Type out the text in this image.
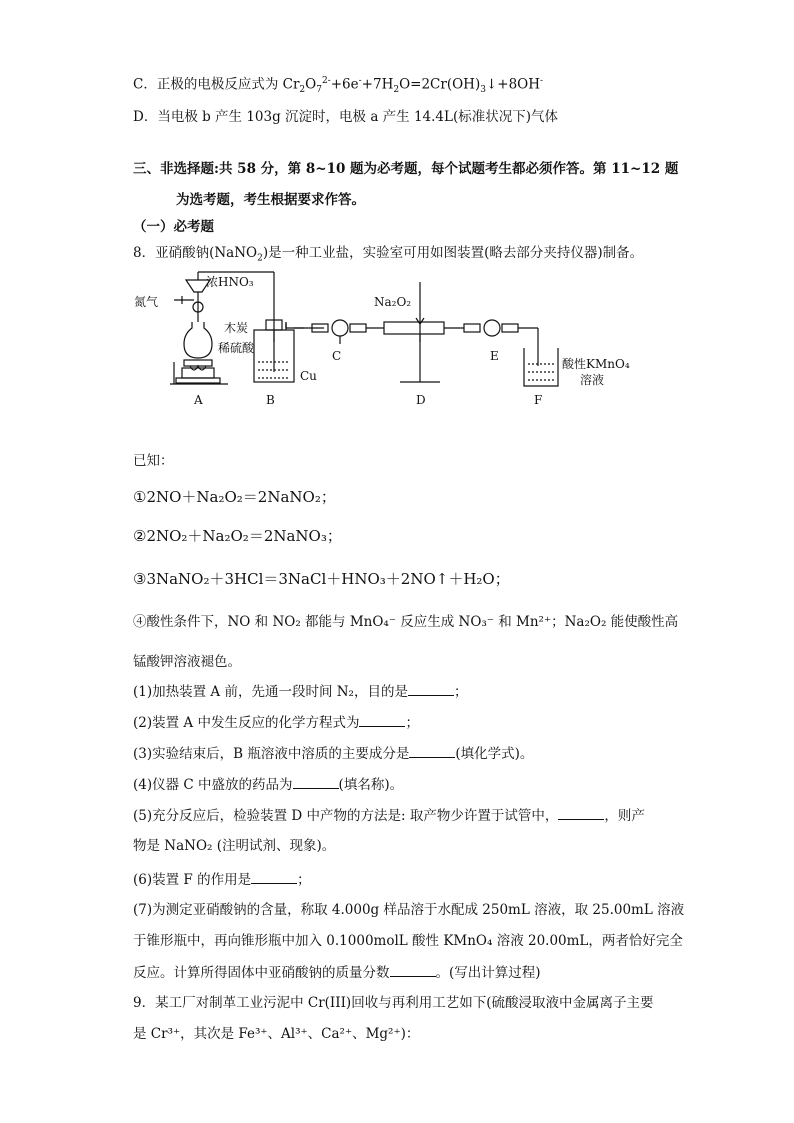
C．正极的电极反应式为 $Cr_2O_7^{2-}+6e^-+7H_2O=2Cr(OH)_3↓+8OH^-$
D．当电极 b 产生 103g 沉淀时，电极 a 产生 14.4L(标准状况下)气体
三、非选择题:共 58 分，第 8~10 题为必考题，每个试题考生都必须作答。第 11~12 题
为选考题，考生根据要求作答。
（一）必考题
8．亚硝酸钠(NaNO$_2$)是一种工业盐，实验室可用如图装置(略去部分夹持仪器)制备。
氮气
浓HNO₃
木炭
稀硫酸
Cu
Na₂O₂
酸性KMnO₄
溶液
A	B
C
D
E
F
已知：
①2NO＋Na₂O₂＝2NaNO₂；
②2NO₂＋Na₂O₂＝2NaNO₃；
③3NaNO₂＋3HCl＝3NaCl＋HNO₃＋2NO↑＋H₂O；
④酸性条件下，NO 和 NO₂ 都能与 MnO₄⁻ 反应生成 NO₃⁻ 和 Mn²⁺；Na₂O₂ 能使酸性高
锰酸钾溶液褪色。
(1)加热装置 A 前，先通一段时间 N₂，目的是	；
(2)装置 A 中发生反应的化学方程式为	；
(3)实验结束后，B 瓶溶液中溶质的主要成分是	(填化学式)。
(4)仪器 C 中盛放的药品为	(填名称)。
(5)充分反应后，检验装置 D 中产物的方法是: 取产物少许置于试管中，	，则产
物是 NaNO₂ (注明试剂、现象)。
(6)装置 F 的作用是	；
(7)为测定亚硝酸钠的含量，称取 4.000g 样品溶于水配成 250mL 溶液，取 25.00mL 溶液
于锥形瓶中，再向锥形瓶中加入 0.1000molL 酸性 KMnO₄ 溶液 20.00mL，两者恰好完全
反应。计算所得固体中亚硝酸钠的质量分数	。(写出计算过程)
9．某工厂对制革工业污泥中 Cr(III)回收与再利用工艺如下(硫酸浸取液中金属离子主要
是 Cr³⁺，其次是 Fe³⁺、Al³⁺、Ca²⁺、Mg²⁺)：
